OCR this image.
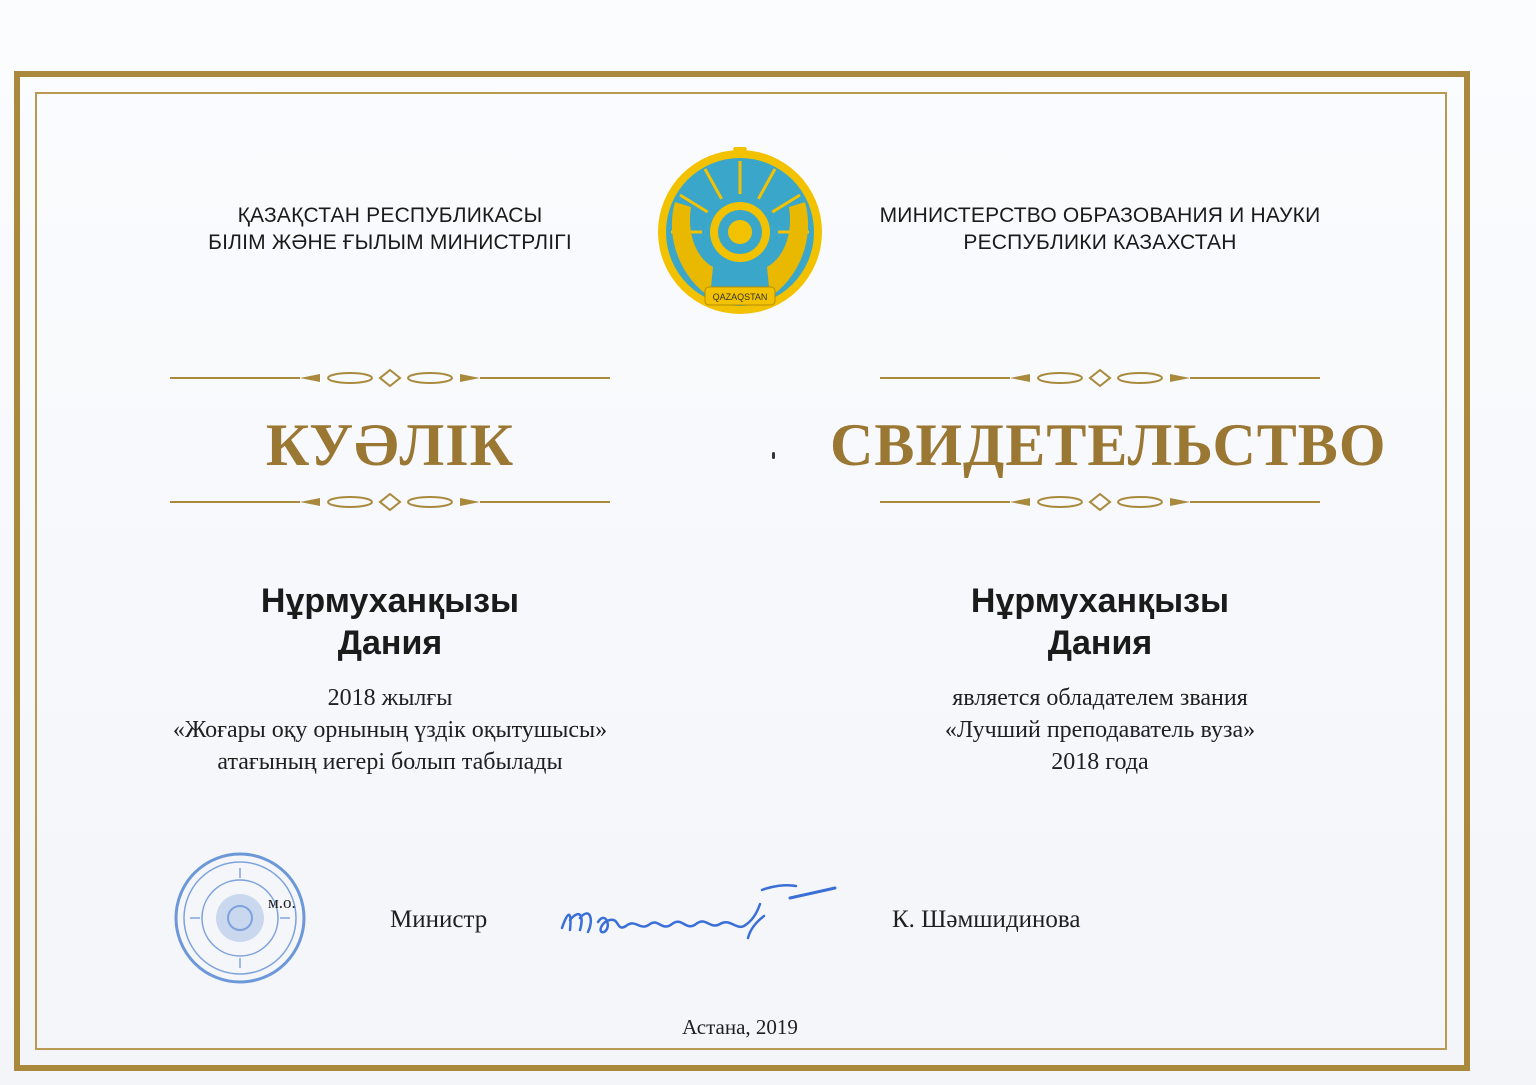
ҚАЗАҚСТАН РЕСПУБЛИКАСЫ
БІЛІМ ЖӘНЕ ҒЫЛЫМ МИНИСТРЛІГІ
QAZAQSTAN
МИНИСТЕРСТВО ОБРАЗОВАНИЯ И НАУКИ
РЕСПУБЛИКИ КАЗАХСТАН
КУӘЛІК	СВИДЕТЕЛЬСТВО
Нұрмуханқызы
Дания
Нұрмуханқызы
Дания
2018 жылғы
«Жоғары оқу орнының үздік оқытушысы»
атағының иегері болып табылады
является обладателем звания
«Лучший преподаватель вуза»
2018 года
м.о.
Министр	К. Шәмшидинова
Астана, 2019
